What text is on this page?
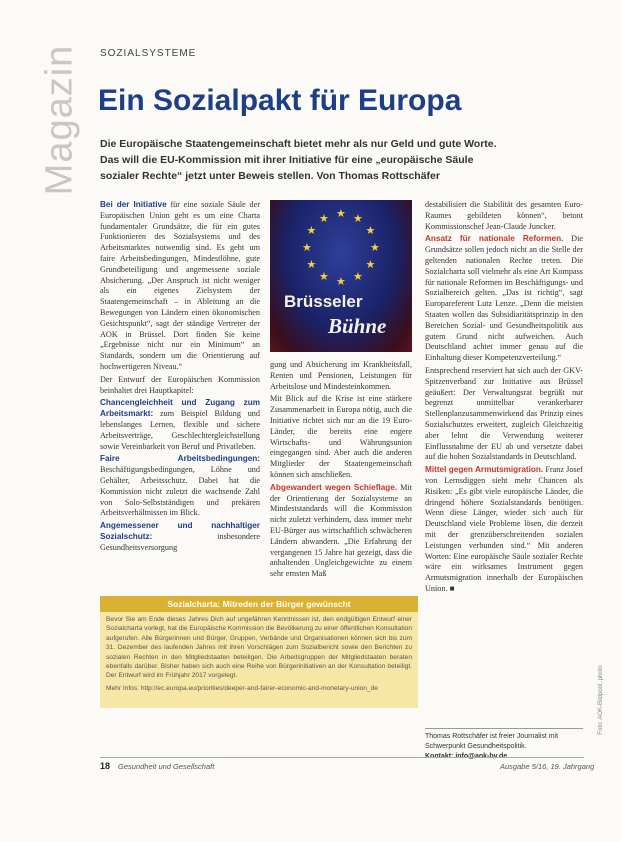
Magazin SOZIALSYSTEME
Ein Sozialpakt für Europa
Die Europäische Staatengemeinschaft bietet mehr als nur Geld und gute Worte. Das will die EU-Kommission mit ihrer Initiative für eine „europäische Säule sozialer Rechte“ jetzt unter Beweis stellen. Von Thomas Rottschäfer

Bei der Initiative für eine soziale Säule der Europäischen Union geht es um eine Charta fundamentaler Grundsätze, die für ein gutes Funktionieren des Sozialsystems und des Arbeitsmarktes notwendig sind. Es geht um faire Arbeitsbedingungen, Mindestlöhne, gute Grundbeteiligung und angemessene soziale Absicherung. „Der Anspruch ist nicht weniger als ein eigenes Zielsystem der Staatengemeinschaft – in Ableitung an die Bewegungen von Ländern einen ökonomischen Gesichtspunkt“, sagt der ständige Vertreter der AOK in Brüssel. Dort finden Sie keine „Ergebnisse nicht nur ein Minimum“ an Standards, sondern um die Orientierung auf hochwertigeren Niveau.“

Der Entwurf der Europäischen Kommission beinhaltet drei Hauptkapitel:

Chancengleichheit und Zugang zum Arbeitsmarkt: zum Beispiel Bildung und lebenslanges Lernen, flexible und sichere Arbeitsverträge, Geschlechtergleichstellung sowie Vereinbarkeit von Beruf und Privatleben.

Faire Arbeitsbedingungen: Beschäftigungsbedingungen, Löhne und Gehälter, Arbeitsschutz. Dabei hat die Kommission nicht zuletzt die wachsende Zahl von Solo-Selbstständigen und prekären Arbeitsverhältnissen im Blick.

Angemessener und nachhaltiger Sozialschutz:	insbesondere Gesundheitsversorgung

★ ★
★
★
★
★
★
★
★
★
★
★
Brüsseler
Bühne

gung und Absicherung im Krankheitsfall, Renten und Pensionen, Leistungen für Arbeitslose und Mindesteinkommen.

Mit Blick auf die Krise ist eine stärkere Zusammenarbeit in Europa nötig, auch die Initiative richtet sich nur an die 19 Euro-Länder, die bereits eine engere Wirtschafts- und Währungsunion eingegangen sind. Aber auch die anderen Mitglieder der Staatengemeinschaft können sich anschließen.

Abgewandert wegen Schieflage. Mit der Orientierung der Sozialsysteme an Mindeststandards will die Kommission nicht zuletzt verhindern, dass immer mehr EU-Bürger aus wirtschaftlich schwächeren Ländern abwandern. „Die Erfahrung der vergangenen 15 Jahre hat gezeigt, dass die anhaltenden Ungleichgewichte zu einem sehr ernsten Maß

destabilisiert die Stabilität des gesamten Euro-Raumes gebildeten können“, betont Kommissionschef Jean-Claude Juncker.

Ansatz für nationale Reformen. Die Grundsätze sollen jedoch nicht an die Stelle der geltenden nationalen Rechte treten. Die Sozialcharta soll vielmehr als eine Art Kompass für nationale Reformen im Beschäftigungs- und Sozialbereich gelten. „Das ist richtig“, sagt Europareferent Lutz Lenze. „Denn die meisten Staaten wollen das Subsidiaritätsprinzip in den Bereichen Sozial- und Gesundheitspolitik aus gutem Grund nicht aufweichen. Auch Deutschland achtet immer genau auf die Einhaltung dieser Kompetenzverteilung.“

Entsprechend reserviert hat sich auch der GKV-Spitzenverband zur Initiative aus Brüssel geäußert: Der Verwaltungsrat begrüßt nur begrenzt unmittelbar verankerbarer Stellenplanzusammenwirkend das Prinzip eines Sozialschutzes erweitert, zugleich Gleichzeitig aber lehnt die Verwendung weiterer Einflussnahme der EU ab und versetzte dabei auf die hohen Sozialstandards in Deutschland.

Mittel gegen Armutsmigration. Franz Josef von Lernsdiggen sieht mehr Chancen als Risiken: „Es gibt viele europäische Länder, die dringend höhere Sozialstandards benötigen. Wenn diese Länger, wieder sich auch für Deutschland viele Probleme lösen, die derzeit mit der grenzüberschreitenden sozialen Leistungen verbunden sind.“ Mit anderen Worten: Eine europäische Säule sozialer Rechte wäre ein wirksames Instrument gegen Armutsmigration innerhalb der Europäischen Union. ■

Sozialcharta: Mitreden der Bürger gewünscht
Bevor Sie am Ende dieses Jahres Dich auf ungefähren Kenntnissen ist, den endgültigen Entwurf einer Sozialcharta vorlegt, hat die Europäische Kommission die Bevölkerung zu einer öffentlichen Konsultation aufgerufen. Alle Bürgerinnen und Bürger, Gruppen, Verbände und Organisationen können sich bis zum 31. Dezember des laufenden Jahres mit ihren Vorschlägen zum Sozialbericht sowie den Berichten zu sozialen Rechten in den Mitgliedstaaten beteiligen. Die Arbeitsgruppen der Mitgliedstaaten beraten ebenfalls darüber. Bisher haben sich auch eine Reihe von Bürgerinitiativen an der Konsultation beteiligt. Der Entwurf wird im Frühjahr 2017 vorgelegt.
Mehr Infos: http://ec.europa.eu/priorities/deeper-and-fairer-economic-and-monetary-union_de
Thomas Rottschäfer ist freier Journalist mit Schwerpunkt Gesundheitspolitik.
Foto: AOK-Bildpool, photo
18 Gesundheit und Gesellschaft	Ausgabe 5/16, 19. Jahrgang
